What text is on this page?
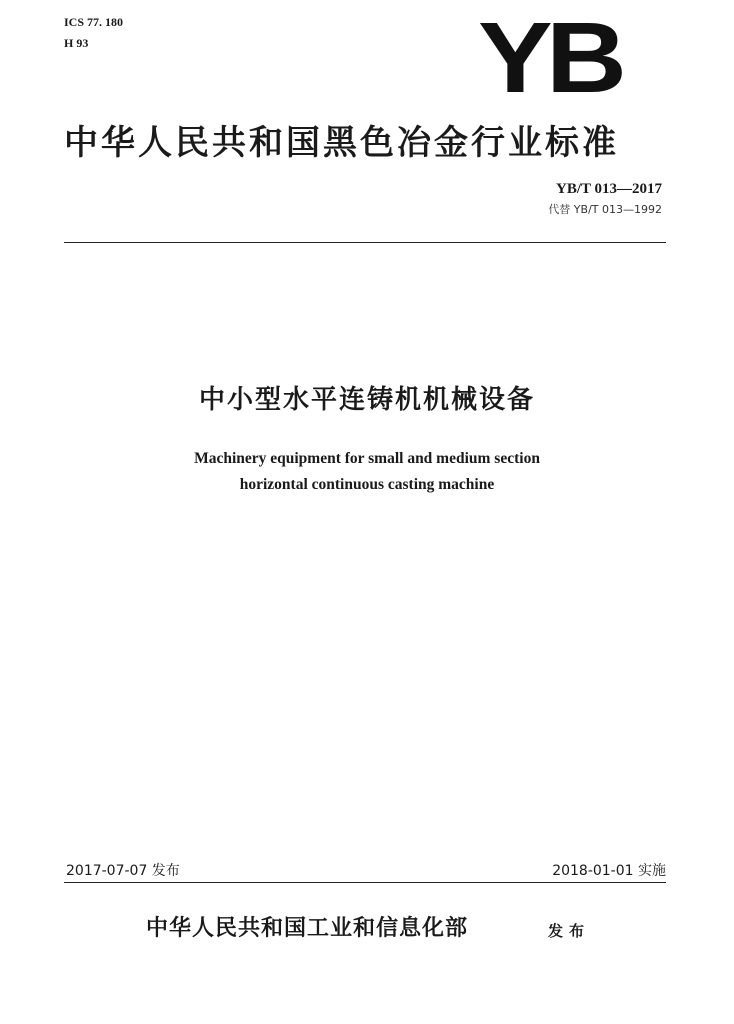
ICS 77. 180
H 93	YB
中华人民共和国黑色冶金行业标准
YB/T 013—2017
代替 YB/T 013—1992
中小型水平连铸机机械设备
Machinery equipment for small and medium section
horizontal continuous casting machine
2017-07-07 发布	2018-01-01 实施
中华人民共和国工业和信息化部	发布
